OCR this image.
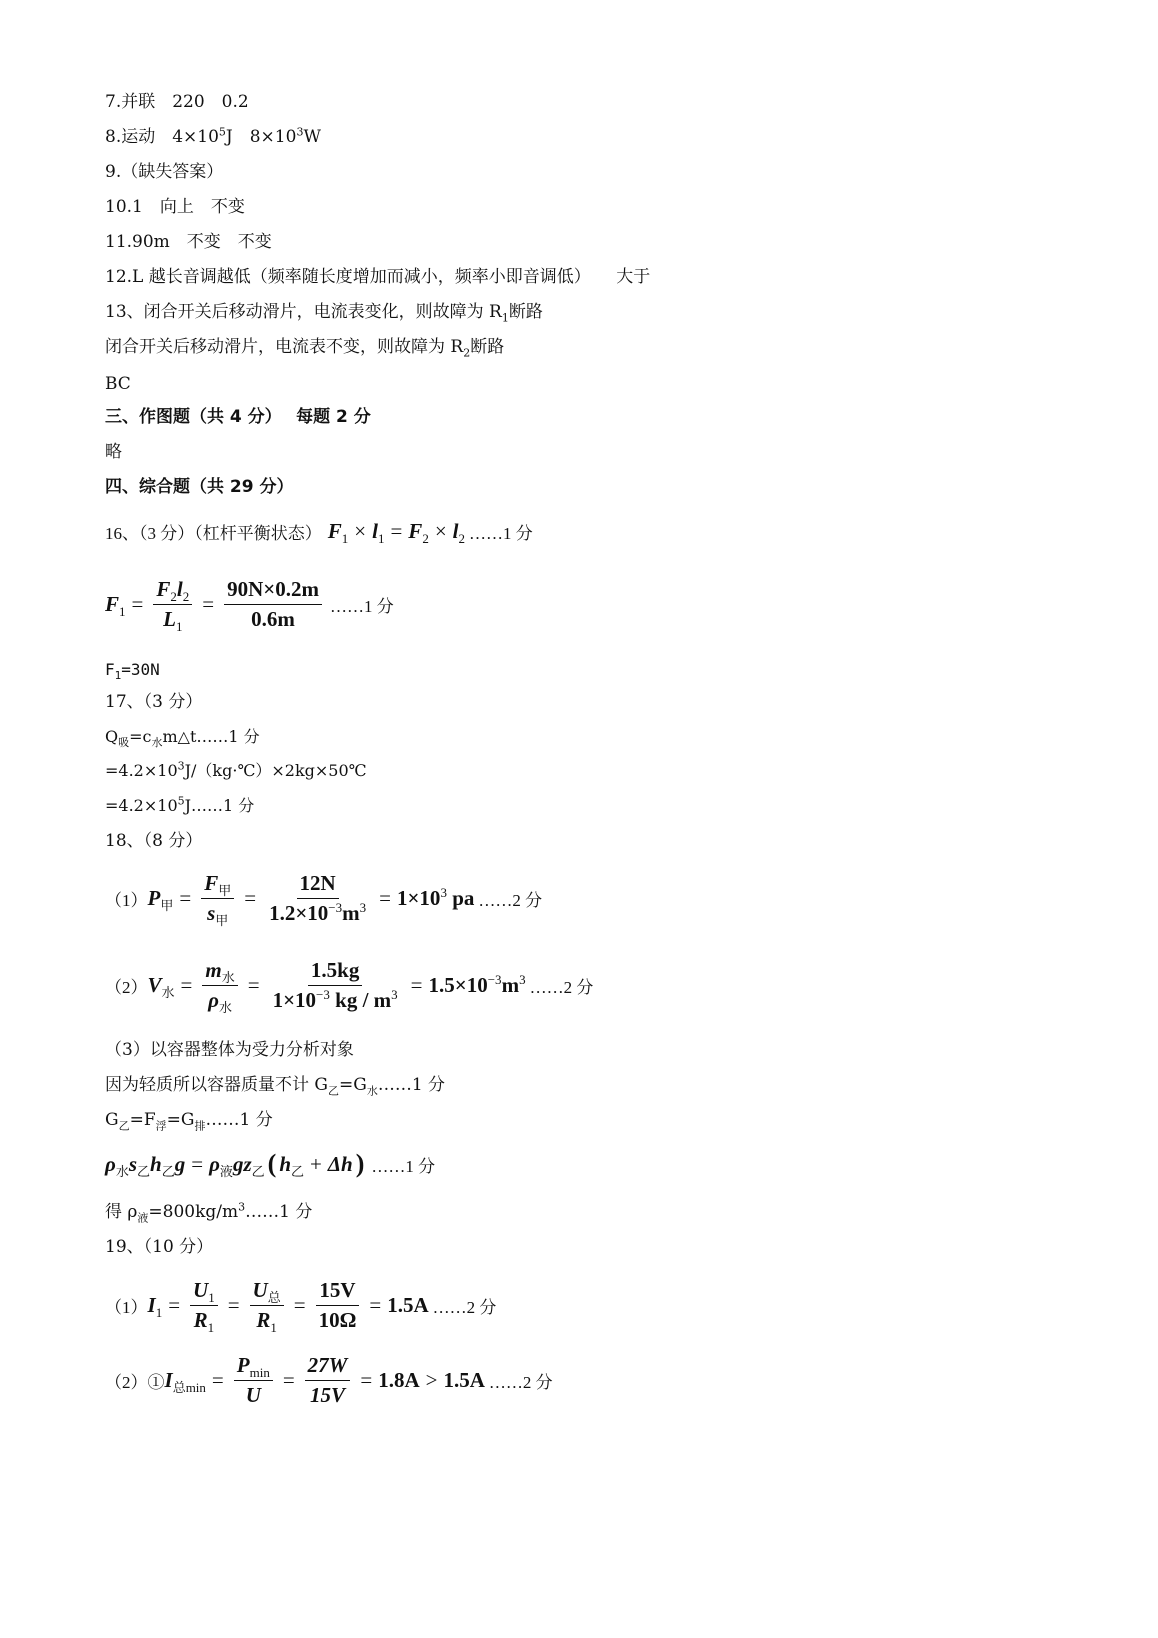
7.并联　220　0.2
8.运动　$4\times 10^5J$　$8\times 10^3W$
9.（缺失答案）
10.1　向上　不变
11.90m　不变　不变
12.L 越长音调越低（频率随长度增加而减小，频率小即音调低）　　大于
13、闭合开关后移动滑片，电流表变化，则故障为 $R_1$断路
闭合开关后移动滑片，电流表不变，则故障为 $R_2$断路
BC
三、作图题（共 4 分）　 每题 2 分
略
四、综合题（共 29 分）
16、（3 分）（杠杆平衡状态） $F_1 \times l_1 = F_2 \times l_2$ ……1 分
$F_1 = \frac{F_2l_2}{L_1} = \frac{90N\times 0.2m}{0.6m}$ ……1 分
$F_1=30N$
17、（3 分）
$Q_吸=c_水m\triangle t\dots\dots 1$ 分
$=4.2\times 10^3J/(kg\cdot℃)\times 2kg\times 50℃$
$=4.2\times 10^5J\dots\dots 1$ 分
18、（8 分）
（1） $P_甲 = \frac{F_甲}{s_甲} = \frac{12N}{1.2\times 10^{-3}m^3} = 1\times 10^3$ pa ……2 分
（2） $V_水 = \frac{m_水}{\rho_水} = \frac{1.5kg}{1\times 10^{-3} kg / m^3} = 1.5\times 10^{-3}m^3$ ……2 分
（3）以容器整体为受力分析对象
因为轻质所以容器质量不计 $G_乙=G_水\dots\dots 1$ 分
$G_乙=F_浮=G_排\dots\dots 1$ 分
$\rho_水$ $s_乙$ $h_乙$ $g = \rho_液$ g $z_乙$ ( $h_乙 + \Delta h$ ) ……1 分
得 $\rho_液=800kg/m^3\dots\dots 1$ 分
19、（10 分）
（1） $I_1 = \frac{U_1}{R_1} = \frac{U_总}{R_1} = \frac{15V}{10\Omega} = 1.5A$ ……2 分
（2）① $I_{总min} = \frac{P_{min}}{U} = \frac{27W}{15V} = 1.8A > 1.5A$ ……2 分
